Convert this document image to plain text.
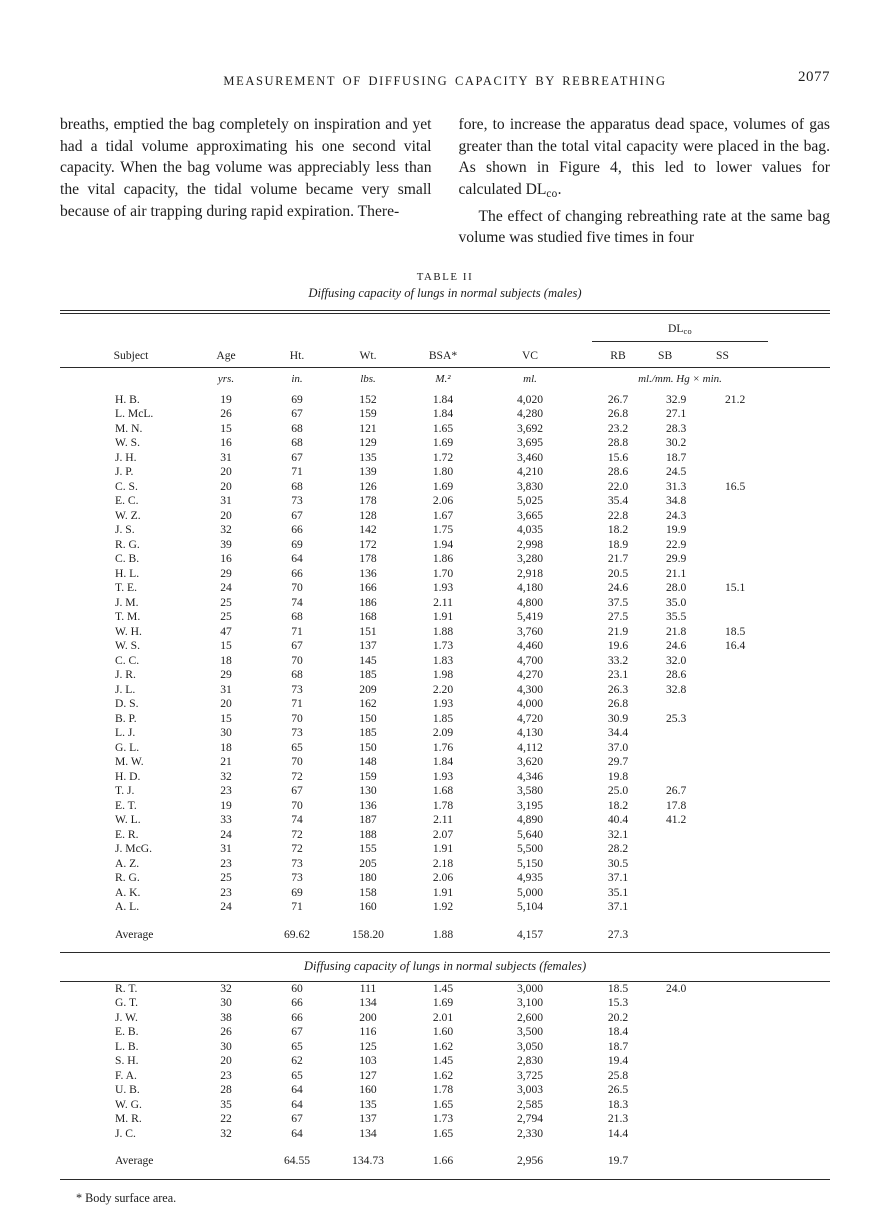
MEASUREMENT OF DIFFUSING CAPACITY BY REBREATHING	2077

breaths, emptied the bag completely on inspiration and yet had a tidal volume approximating his one second vital capacity. When the bag volume was appreciably less than the vital capacity, the tidal volume became very small because of air trapping during rapid expiration. There-

fore, to increase the apparatus dead space, volumes of gas greater than the total vital capacity were placed in the bag. As shown in Figure 4, this led to lower values for calculated $DL_{co}$.

The effect of changing rebreathing rate at the same bag volume was studied five times in four

TABLE II
Diffusing capacity of lungs in normal subjects (males)

						$DL_{co}$

Subject	Age	Ht.	Wt.	BSA*	VC	RB	SB	SS
	yrs.	in.	lbs.	M.²	ml.	ml./mm. Hg × min.		
H. B.	19	69	152	1.84	4,020	26.7	32.9	21.2
L. McL.	26	67	159	1.84	4,280	26.8	27.1	
M. N.	15	68	121	1.65	3,692	23.2	28.3	
W. S.	16	68	129	1.69	3,695	28.8	30.2	
J. H.	31	67	135	1.72	3,460	15.6	18.7	
J. P.	20	71	139	1.80	4,210	28.6	24.5	
C. S.	20	68	126	1.69	3,830	22.0	31.3	16.5
E. C.	31	73	178	2.06	5,025	35.4	34.8	
W. Z.	20	67	128	1.67	3,665	22.8	24.3	
J. S.	32	66	142	1.75	4,035	18.2	19.9	
R. G.	39	69	172	1.94	2,998	18.9	22.9	
C. B.	16	64	178	1.86	3,280	21.7	29.9	
H. L.	29	66	136	1.70	2,918	20.5	21.1	
T. E.	24	70	166	1.93	4,180	24.6	28.0	15.1
J. M.	25	74	186	2.11	4,800	37.5	35.0	
T. M.	25	68	168	1.91	5,419	27.5	35.5	
W. H.	47	71	151	1.88	3,760	21.9	21.8	18.5
W. S.	15	67	137	1.73	4,460	19.6	24.6	16.4
C. C.	18	70	145	1.83	4,700	33.2	32.0	
J. R.	29	68	185	1.98	4,270	23.1	28.6	
J. L.	31	73	209	2.20	4,300	26.3	32.8	
D. S.	20	71	162	1.93	4,000	26.8		
B. P.	15	70	150	1.85	4,720	30.9	25.3	
L. J.	30	73	185	2.09	4,130	34.4		
G. L.	18	65	150	1.76	4,112	37.0		
M. W.	21	70	148	1.84	3,620	29.7		
H. D.	32	72	159	1.93	4,346	19.8		
T. J.	23	67	130	1.68	3,580	25.0	26.7	
E. T.	19	70	136	1.78	3,195	18.2	17.8	
W. L.	33	74	187	2.11	4,890	40.4	41.2	
E. R.	24	72	188	2.07	5,640	32.1		
J. McG.	31	72	155	1.91	5,500	28.2		
A. Z.	23	73	205	2.18	5,150	30.5		
R. G.	25	73	180	2.06	4,935	37.1		
A. K.	23	69	158	1.91	5,000	35.1		
A. L.	24	71	160	1.92	5,104	37.1		
Average		69.62	158.20	1.88	4,157	27.3		

Diffusing capacity of lungs in normal subjects (females)								

R. T.	32	60	111	1.45	3,000	18.5	24.0	
G. T.	30	66	134	1.69	3,100	15.3		
J. W.	38	66	200	2.01	2,600	20.2		
E. B.	26	67	116	1.60	3,500	18.4		
L. B.	30	65	125	1.62	3,050	18.7		
S. H.	20	62	103	1.45	2,830	19.4		
F. A.	23	65	127	1.62	3,725	25.8		
U. B.	28	64	160	1.78	3,003	26.5		
W. G.	35	64	135	1.65	2,585	18.3		
M. R.	22	67	137	1.73	2,794	21.3		
J. C.	32	64	134	1.65	2,330	14.4		
Average		64.55	134.73	1.66	2,956	19.7		
* Body surface area.
